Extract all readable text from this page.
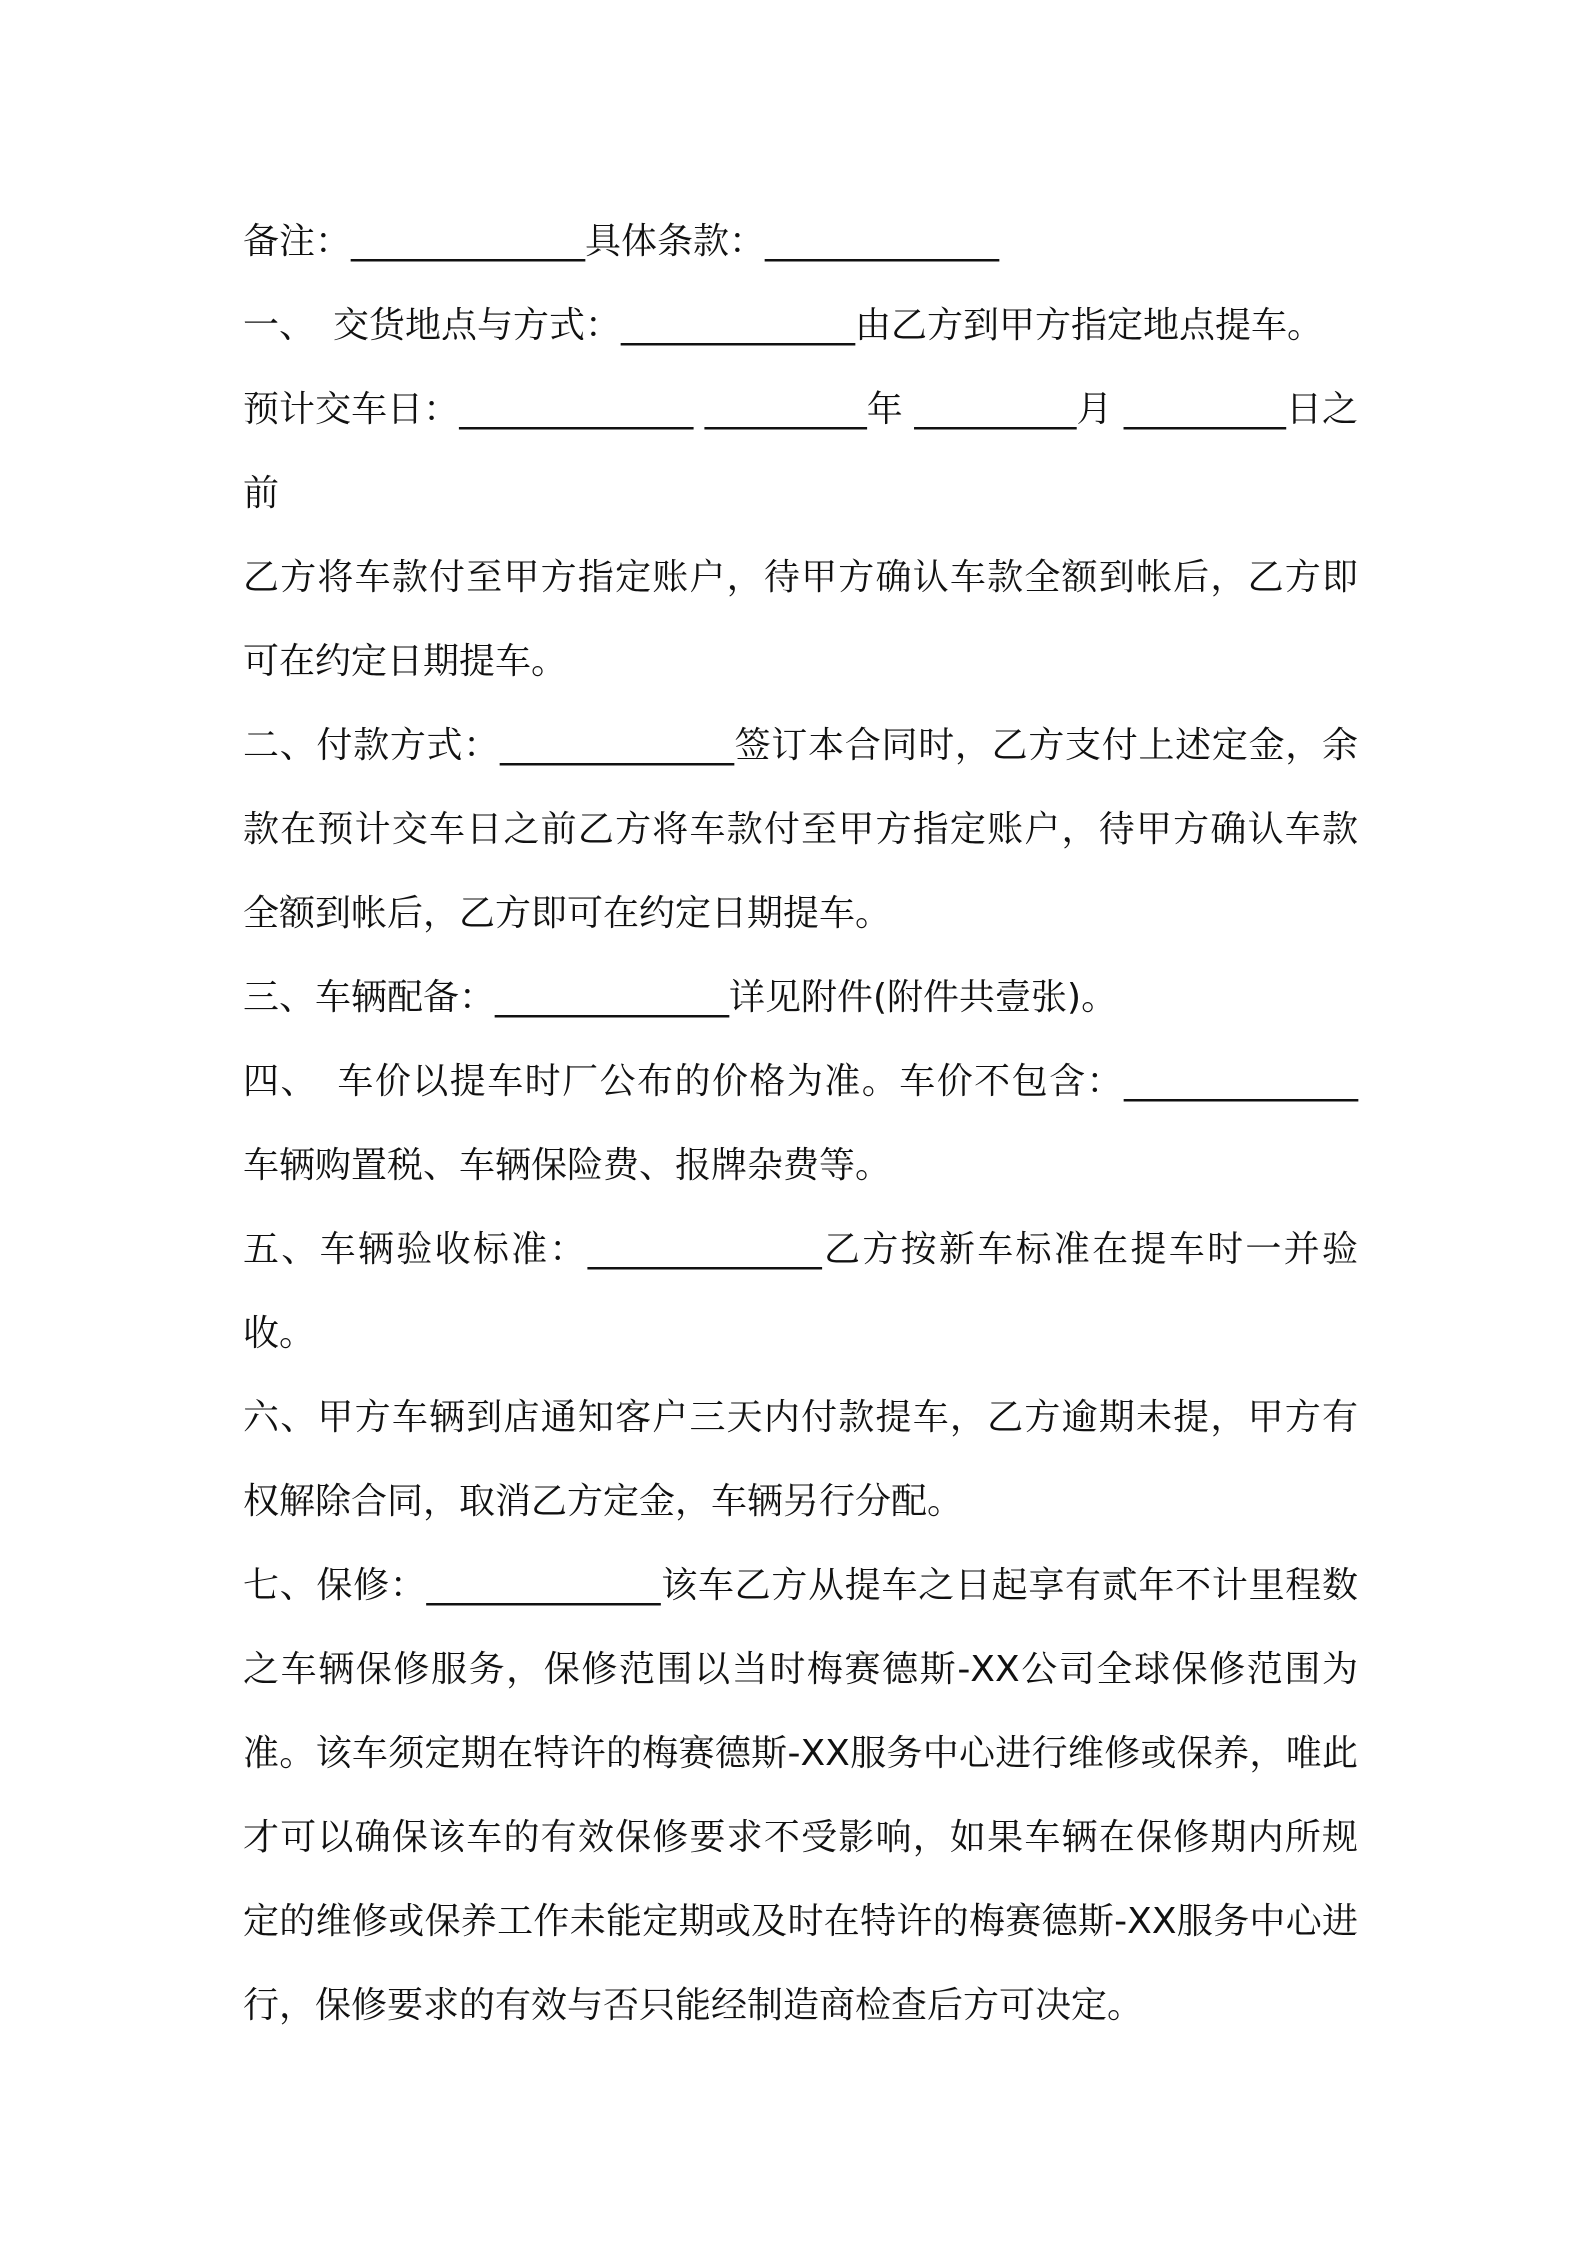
备注：_____________具体条款：_____________

一、　交货地点与方式：_____________由乙方到甲方指定地点提车。

预计交车日：_____________ _________年 _________月 _________日之前

乙方将车款付至甲方指定账户，待甲方确认车款全额到帐后，乙方即可在约定日期提车。

二、付款方式：_____________签订本合同时，乙方支付上述定金，余款在预计交车日之前乙方将车款付至甲方指定账户，待甲方确认车款全额到帐后，乙方即可在约定日期提车。

三、车辆配备：_____________详见附件(附件共壹张)。

四、　车价以提车时厂公布的价格为准。车价不包含：_____________车辆购置税、车辆保险费、报牌杂费等。

五、车辆验收标准：_____________乙方按新车标准在提车时一并验收。

六、甲方车辆到店通知客户三天内付款提车，乙方逾期未提，甲方有权解除合同，取消乙方定金，车辆另行分配。

七、保修：_____________该车乙方从提车之日起享有贰年不计里程数之车辆保修服务，保修范围以当时梅赛德斯-XX公司全球保修范围为准。该车须定期在特许的梅赛德斯-XX服务中心进行维修或保养，唯此才可以确保该车的有效保修要求不受影响，如果车辆在保修期内所规定的维修或保养工作未能定期或及时在特许的梅赛德斯-XX服务中心进行，保修要求的有效与否只能经制造商检查后方可决定。
